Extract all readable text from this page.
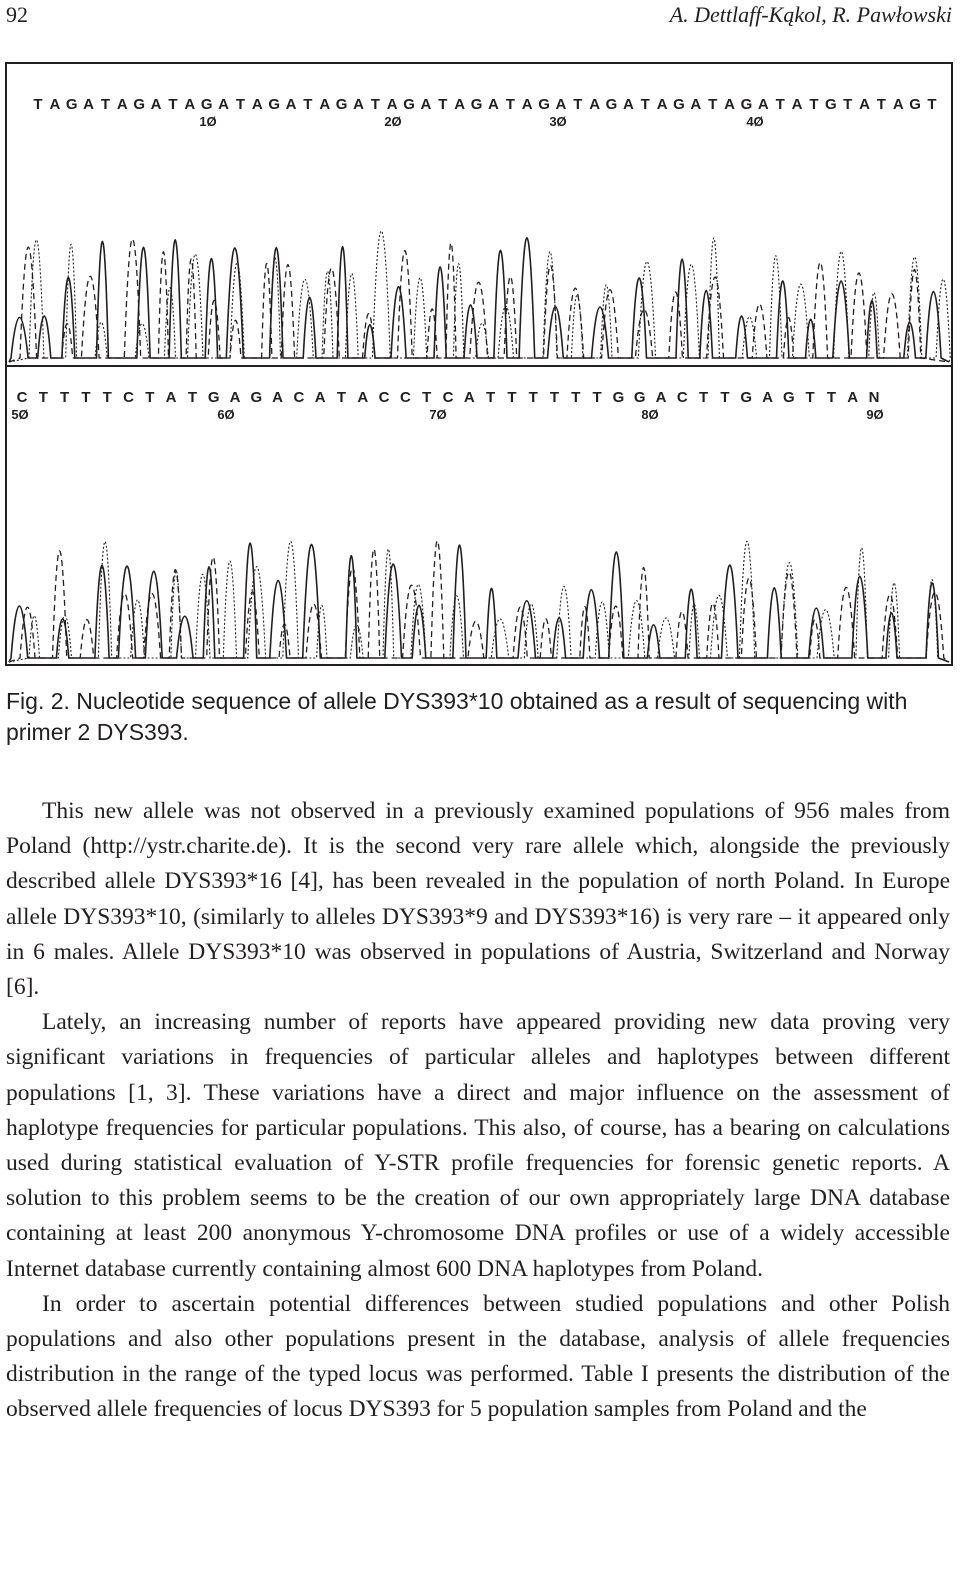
92	A. Dettlaff-Kąkol, R. Pawłowski
T A G A T A G A T A G A T A G A T A G A T A G A T A G A T A G A T A G A T A G A T A G A T A T G T A T A G T
1Ø	2Ø	3Ø	4Ø
C T T T T C T A T G A G A C A T A C C T C A T T T T T T G G A C T T G A G T T A N
5Ø	6Ø	7Ø	8Ø	9Ø
Fig. 2. Nucleotide sequence of allele DYS393*10 obtained as a result of sequencing with primer 2 DYS393.

This new allele was not observed in a previously examined populations of 956 males from Poland (http://ystr.charite.de). It is the second very rare allele which, alongside the previously described allele DYS393*16 [4], has been revealed in the population of north Poland. In Europe allele DYS393*10, (similarly to alleles DYS393*9 and DYS393*16) is very rare – it appeared only in 6 males. Allele DYS393*10 was observed in populations of Austria, Switzerland and Norway [6].

Lately, an increasing number of reports have appeared providing new data proving very significant variations in frequencies of particular alleles and haplotypes between different populations [1, 3]. These variations have a direct and major influence on the assessment of haplotype frequencies for particular populations. This also, of course, has a bearing on calculations used during statistical evaluation of Y-STR profile frequencies for forensic genetic reports. A solution to this problem seems to be the creation of our own appropriately large DNA database containing at least 200 anonymous Y-chromosome DNA profiles or use of a widely accessible Internet database currently containing almost 600 DNA haplotypes from Poland.

In order to ascertain potential differences between studied populations and other Polish populations and also other populations present in the database, analysis of allele frequencies distribution in the range of the typed locus was performed. Table I presents the distribution of the observed allele frequencies of locus DYS393 for 5 population samples from Poland and the
